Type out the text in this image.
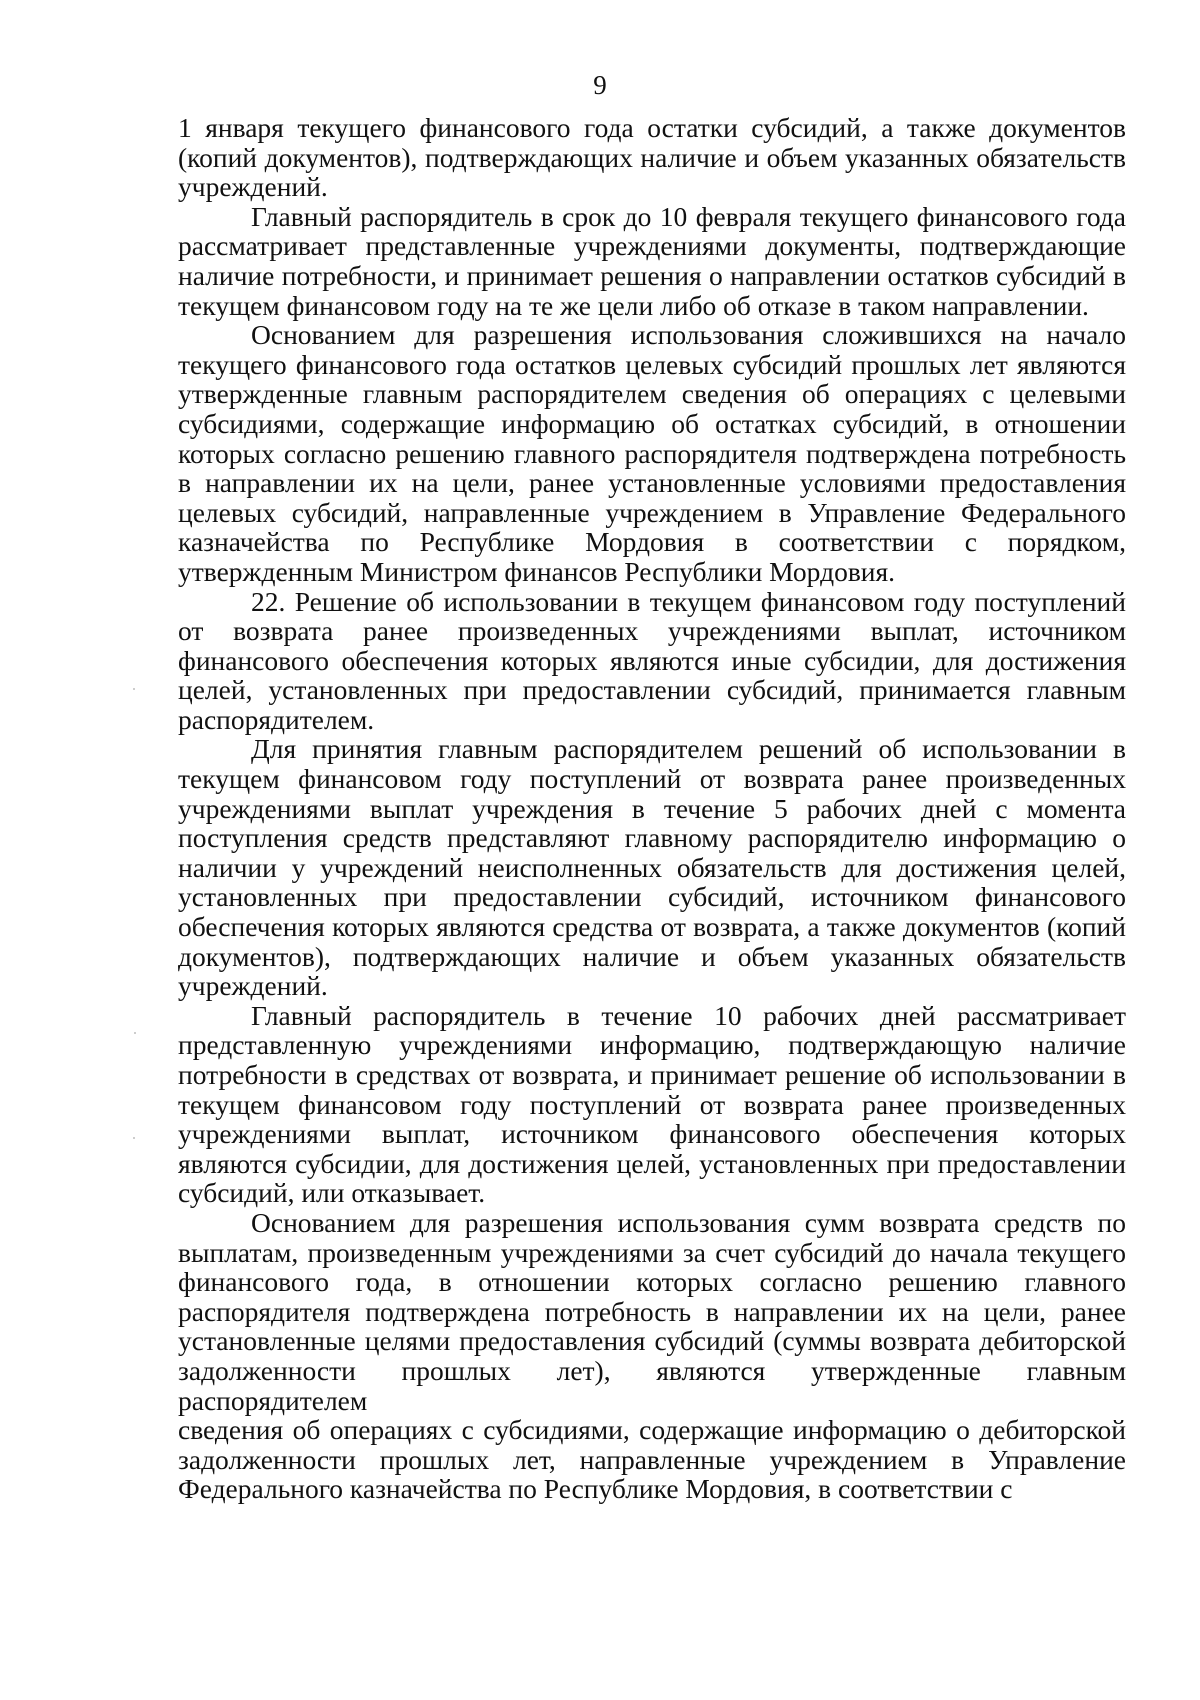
9
1 января текущего финансового года остатки субсидий, а также документов
(копий документов), подтверждающих наличие и объем указанных обязательств
учреждений.
Главный распорядитель в срок до 10 февраля текущего финансового года
рассматривает представленные учреждениями документы, подтверждающие
наличие потребности, и принимает решения о направлении остатков субсидий в
текущем финансовом году на те же цели либо об отказе в таком направлении.
Основанием для разрешения использования сложившихся на начало
текущего финансового года остатков целевых субсидий прошлых лет являются
утвержденные главным распорядителем сведения об операциях с целевыми
субсидиями, содержащие информацию об остатках субсидий, в отношении
которых согласно решению главного распорядителя подтверждена потребность
в направлении их на цели, ранее установленные условиями предоставления
целевых субсидий, направленные учреждением в Управление Федерального
казначейства по Республике Мордовия в соответствии с порядком,
утвержденным Министром финансов Республики Мордовия.
22. Решение об использовании в текущем финансовом году поступлений
от возврата ранее произведенных учреждениями выплат, источником
финансового обеспечения которых являются иные субсидии, для достижения
целей, установленных при предоставлении субсидий, принимается главным
распорядителем.
Для принятия главным распорядителем решений об использовании в
текущем финансовом году поступлений от возврата ранее произведенных
учреждениями выплат учреждения в течение 5 рабочих дней с момента
поступления средств представляют главному распорядителю информацию о
наличии у учреждений неисполненных обязательств для достижения целей,
установленных при предоставлении субсидий, источником финансового
обеспечения которых являются средства от возврата, а также документов (копий
документов), подтверждающих наличие и объем указанных обязательств
учреждений.
Главный распорядитель в течение 10 рабочих дней рассматривает
представленную учреждениями информацию, подтверждающую наличие
потребности в средствах от возврата, и принимает решение об использовании в
текущем финансовом году поступлений от возврата ранее произведенных
учреждениями выплат, источником финансового обеспечения которых
являются субсидии, для достижения целей, установленных при предоставлении
субсидий, или отказывает.
Основанием для разрешения использования сумм возврата средств по
выплатам, произведенным учреждениями за счет субсидий до начала текущего
финансового года, в отношении которых согласно решению главного
распорядителя подтверждена потребность в направлении их на цели, ранее
установленные целями предоставления субсидий (суммы возврата дебиторской
задолженности прошлых лет), являются утвержденные главным распорядителем
сведения об операциях с субсидиями, содержащие информацию о дебиторской
задолженности прошлых лет, направленные учреждением в Управление
Федерального казначейства по Республике Мордовия, в соответствии с
